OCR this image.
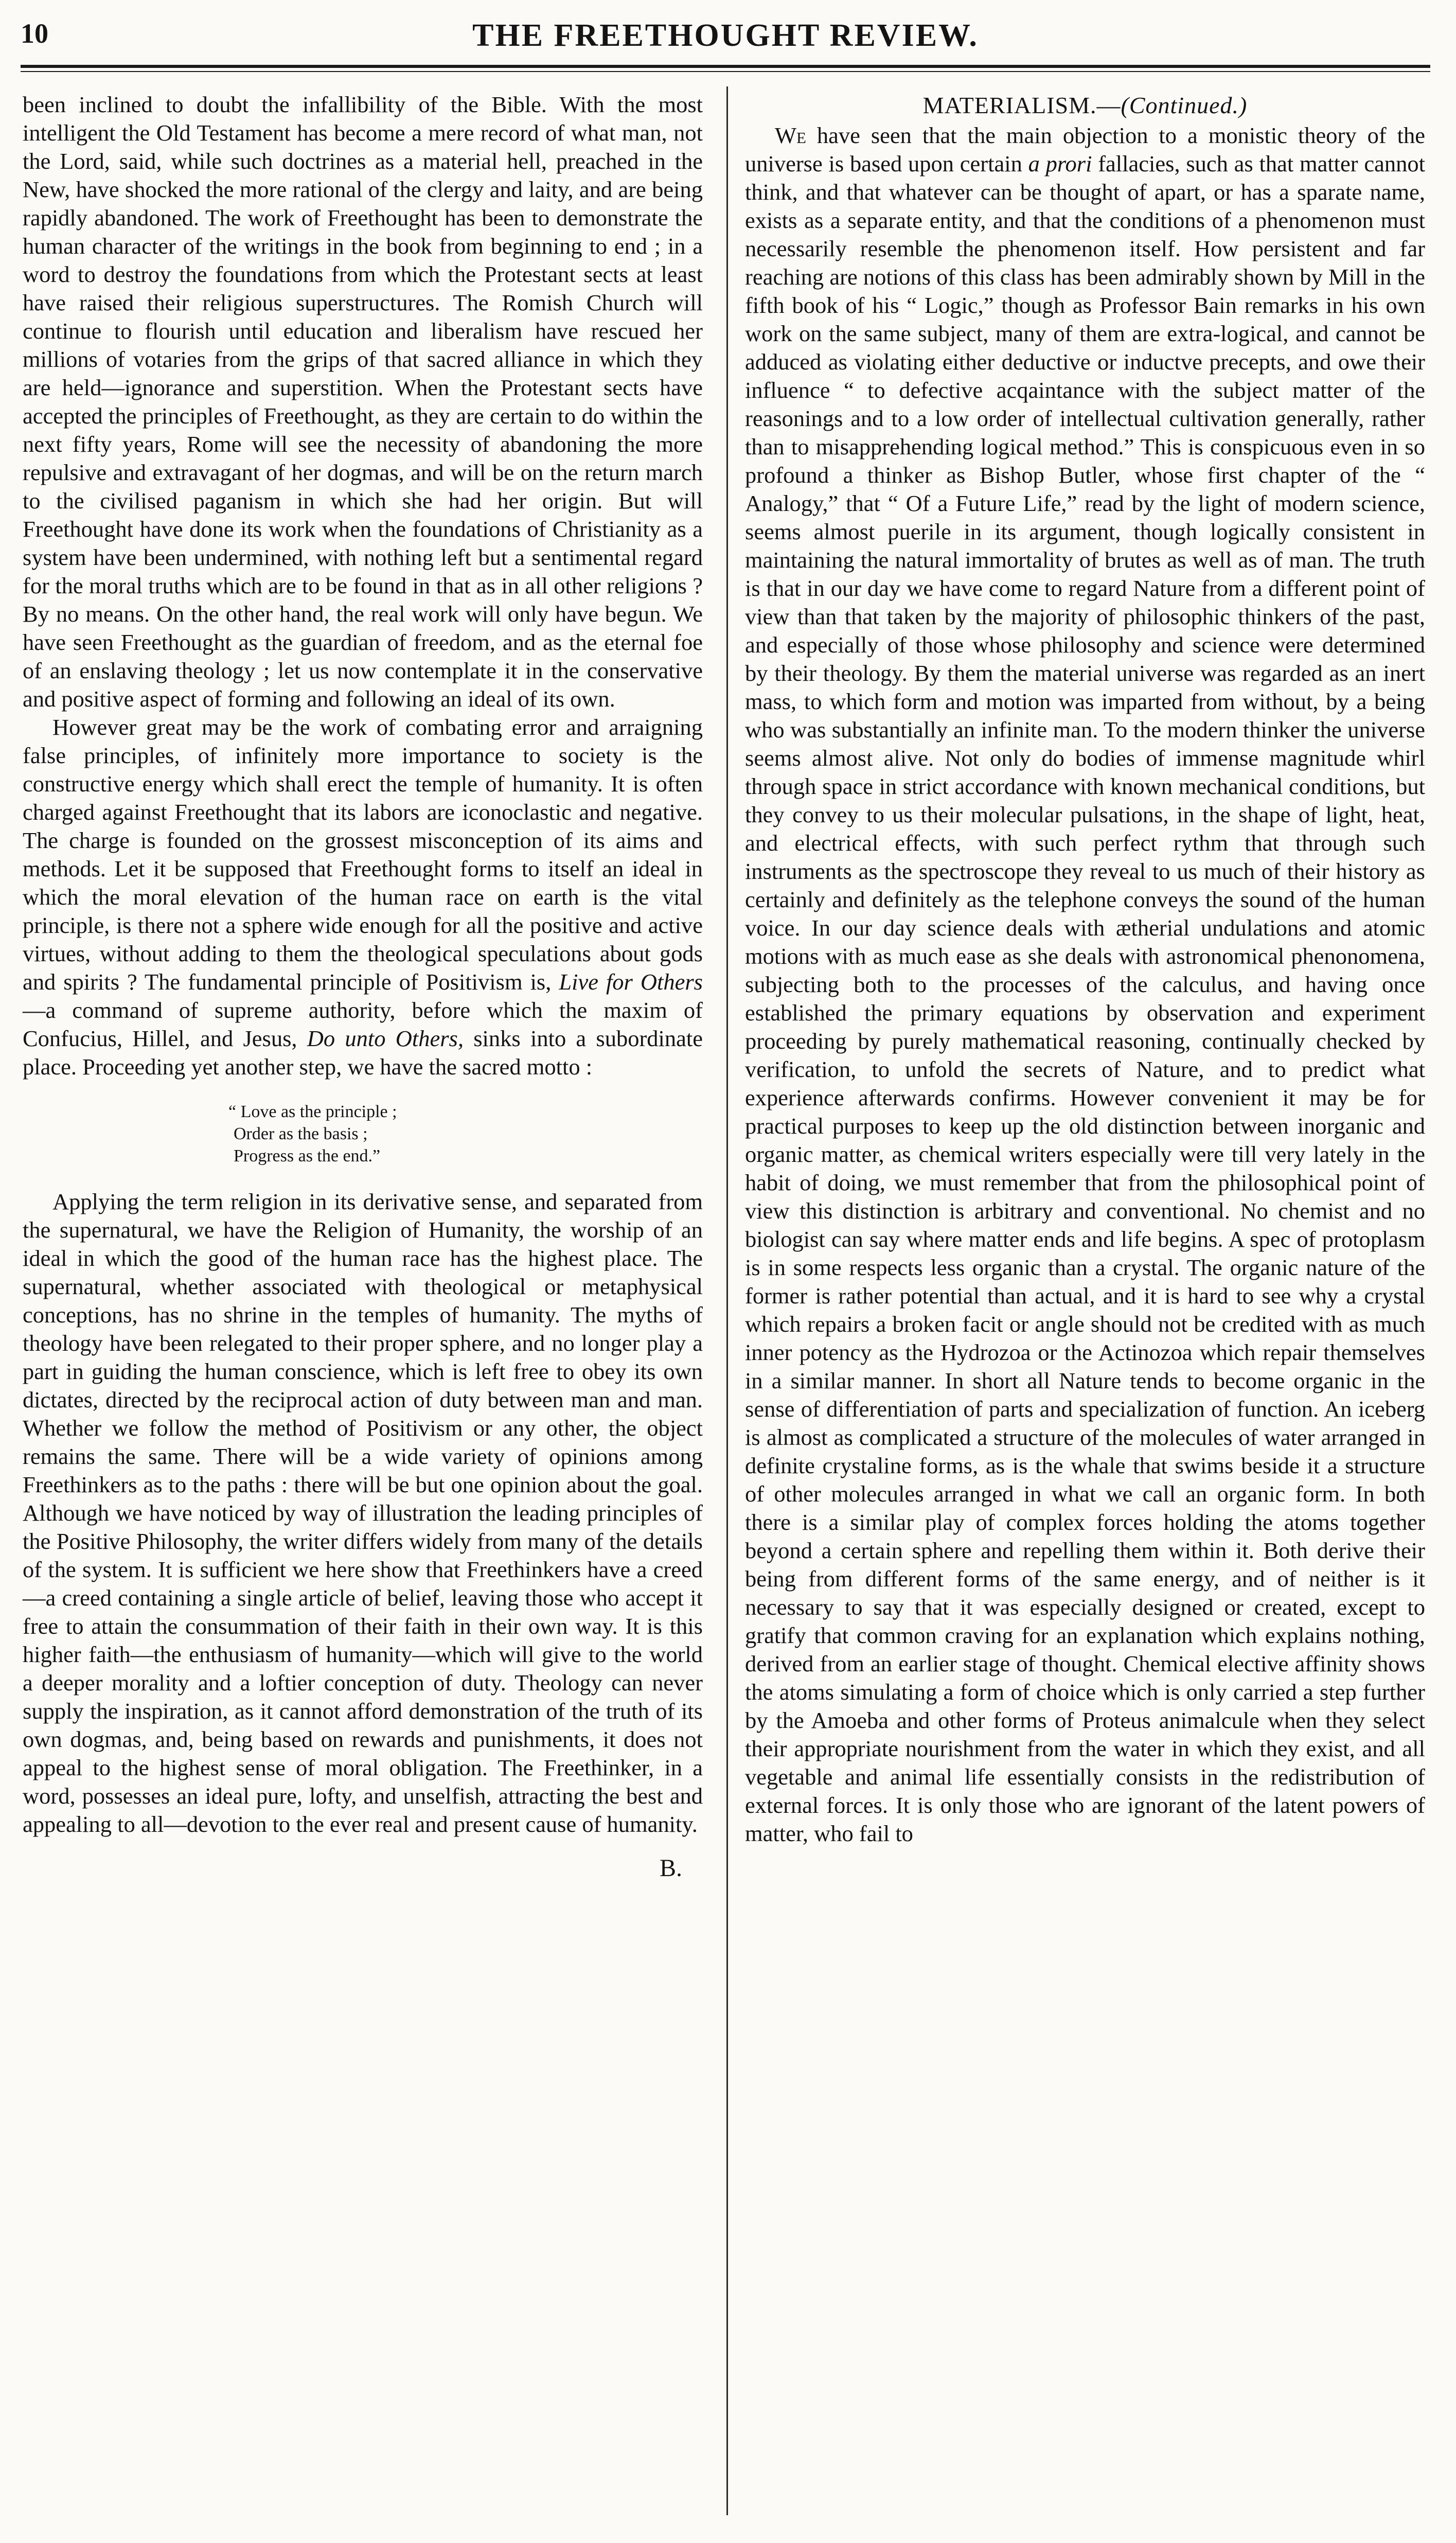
10	THE FREETHOUGHT REVIEW.

been inclined to doubt the infallibility of the Bible. With the most intelligent the Old Testament has become a mere record of what man, not the Lord, said, while such doctrines as a material hell, preached in the New, have shocked the more rational of the clergy and laity, and are being rapidly abandoned. The work of Freethought has been to demonstrate the human character of the writings in the book from beginning to end ; in a word to destroy the foundations from which the Protestant sects at least have raised their religious superstructures. The Romish Church will continue to flourish until education and liberalism have rescued her millions of votaries from the grips of that sacred alliance in which they are held—ignorance and superstition. When the Protestant sects have accepted the principles of Freethought, as they are certain to do within the next fifty years, Rome will see the necessity of abandoning the more repulsive and extravagant of her dogmas, and will be on the return march to the civilised paganism in which she had her origin. But will Freethought have done its work when the foundations of Christianity as a system have been undermined, with nothing left but a sentimental regard for the moral truths which are to be found in that as in all other religions ? By no means. On the other hand, the real work will only have begun. We have seen Freethought as the guardian of freedom, and as the eternal foe of an enslaving theology ; let us now contemplate it in the conservative and positive aspect of forming and following an ideal of its own.

However great may be the work of combating error and arraigning false principles, of infinitely more importance to society is the constructive energy which shall erect the temple of humanity. It is often charged against Freethought that its labors are iconoclastic and negative. The charge is founded on the grossest misconception of its aims and methods. Let it be supposed that Freethought forms to itself an ideal in which the moral elevation of the human race on earth is the vital principle, is there not a sphere wide enough for all the positive and active virtues, without adding to them the theological speculations about gods and spirits ? The fundamental principle of Positivism is, Live for Others—a command of supreme authority, before which the maxim of Confucius, Hillel, and Jesus, Do unto Others, sinks into a subordinate place. Proceeding yet another step, we have the sacred motto :

“ Love as the principle ;
Order as the basis ;
Progress as the end.”

Applying the term religion in its derivative sense, and separated from the supernatural, we have the Religion of Humanity, the worship of an ideal in which the good of the human race has the highest place. The supernatural, whether associated with theological or metaphysical conceptions, has no shrine in the temples of humanity. The myths of theology have been relegated to their proper sphere, and no longer play a part in guiding the human conscience, which is left free to obey its own dictates, directed by the reciprocal action of duty between man and man. Whether we follow the method of Positivism or any other, the object remains the same. There will be a wide variety of opinions among Freethinkers as to the paths : there will be but one opinion about the goal. Although we have noticed by way of illustration the leading principles of the Positive Philosophy, the writer differs widely from many of the details of the system. It is sufficient we here show that Freethinkers have a creed—a creed containing a single article of belief, leaving those who accept it free to attain the consummation of their faith in their own way. It is this higher faith—the enthusiasm of humanity—which will give to the world a deeper morality and a loftier conception of duty. Theology can never supply the inspiration, as it cannot afford demonstration of the truth of its own dogmas, and, being based on rewards and punishments, it does not appeal to the highest sense of moral obligation. The Freethinker, in a word, possesses an ideal pure, lofty, and unselfish, attracting the best and appealing to all—devotion to the ever real and present cause of humanity.

B.
MATERIALISM.—(Continued.)

We have seen that the main objection to a monistic theory of the universe is based upon certain a prori fallacies, such as that matter cannot think, and that whatever can be thought of apart, or has a sparate name, exists as a separate entity, and that the conditions of a phenomenon must necessarily resemble the phenomenon itself. How persistent and far reaching are notions of this class has been admirably shown by Mill in the fifth book of his “ Logic,” though as Professor Bain remarks in his own work on the same subject, many of them are extra-logical, and cannot be adduced as violating either deductive or inductve precepts, and owe their influence “ to defective acqaintance with the subject matter of the reasonings and to a low order of intellectual cultivation generally, rather than to misapprehending logical method.” This is conspicuous even in so profound a thinker as Bishop Butler, whose first chapter of the “ Analogy,” that “ Of a Future Life,” read by the light of modern science, seems almost puerile in its argument, though logically consistent in maintaining the natural immortality of brutes as well as of man. The truth is that in our day we have come to regard Nature from a different point of view than that taken by the majority of philosophic thinkers of the past, and especially of those whose philosophy and science were determined by their theology. By them the material universe was regarded as an inert mass, to which form and motion was imparted from without, by a being who was substantially an infinite man. To the modern thinker the universe seems almost alive. Not only do bodies of immense magnitude whirl through space in strict accordance with known mechanical conditions, but they convey to us their molecular pulsations, in the shape of light, heat, and electrical effects, with such perfect rythm that through such instruments as the spectroscope they reveal to us much of their history as certainly and definitely as the telephone conveys the sound of the human voice. In our day science deals with ætherial undulations and atomic motions with as much ease as she deals with astronomical phenonomena, subjecting both to the processes of the calculus, and having once established the primary equations by observation and experiment proceeding by purely mathematical reasoning, continually checked by verification, to unfold the secrets of Nature, and to predict what experience afterwards confirms. However convenient it may be for practical purposes to keep up the old distinction between inorganic and organic matter, as chemical writers especially were till very lately in the habit of doing, we must remember that from the philosophical point of view this distinction is arbitrary and conventional. No chemist and no biologist can say where matter ends and life begins. A spec of protoplasm is in some respects less organic than a crystal. The organic nature of the former is rather potential than actual, and it is hard to see why a crystal which repairs a broken facit or angle should not be credited with as much inner potency as the Hydrozoa or the Actinozoa which repair themselves in a similar manner. In short all Nature tends to become organic in the sense of differentiation of parts and specialization of function. An iceberg is almost as complicated a structure of the molecules of water arranged in definite crystaline forms, as is the whale that swims beside it a structure of other molecules arranged in what we call an organic form. In both there is a similar play of complex forces holding the atoms together beyond a certain sphere and repelling them within it. Both derive their being from different forms of the same energy, and of neither is it necessary to say that it was especially designed or created, except to gratify that common craving for an explanation which explains nothing, derived from an earlier stage of thought. Chemical elective affinity shows the atoms simulating a form of choice which is only carried a step further by the Amoeba and other forms of Proteus animalcule when they select their appropriate nourishment from the water in which they exist, and all vegetable and animal life essentially consists in the redistribution of external forces. It is only those who are ignorant of the latent powers of matter, who fail to
